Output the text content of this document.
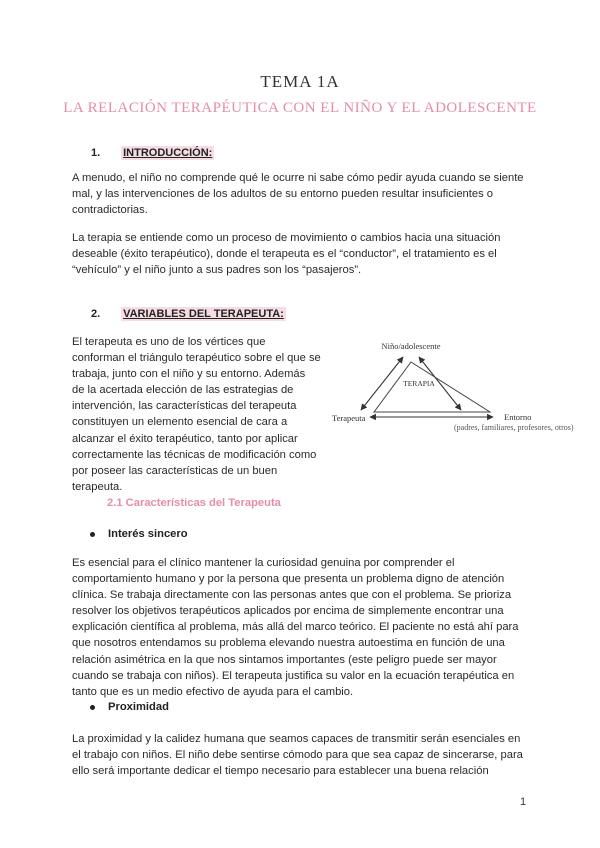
TEMA 1A
LA RELACIÓN TERAPÉUTICA CON EL NIÑO Y EL ADOLESCENTE
1. INTRODUCCIÓN:
A menudo, el niño no comprende qué le ocurre ni sabe cómo pedir ayuda cuando se siente
mal, y las intervenciones de los adultos de su entorno pueden resultar insuficientes o
contradictorias.
La terapia se entiende como un proceso de movimiento o cambios hacia una situación
deseable (éxito terapéutico), donde el terapeuta es el “conductor”, el tratamiento es el
“vehículo” y el niño junto a sus padres son los “pasajeros”.
2. VARIABLES DEL TERAPEUTA:
El terapeuta es uno de los vértices que
conforman el triángulo terapéutico sobre el que se
trabaja, junto con el niño y su entorno. Además
de la acertada elección de las estrategias de
intervención, las características del terapeuta
constituyen un elemento esencial de cara a
alcanzar el éxito terapéutico, tanto por aplicar
correctamente las técnicas de modificación como
por poseer las características de un buen
terapeuta.
Niño/adolescente
TERAPIA
Terapeuta	Entorno
(padres, familiares, profesores, otros)
2.1 Características del Terapeuta
Interés sincero
Es esencial para el clínico mantener la curiosidad genuina por comprender el
comportamiento humano y por la persona que presenta un problema digno de atención
clínica. Se trabaja directamente con las personas antes que con el problema. Se prioriza
resolver los objetivos terapéuticos aplicados por encima de simplemente encontrar una
explicación científica al problema, más allá del marco teórico. El paciente no está ahí para
que nosotros entendamos su problema elevando nuestra autoestima en función de una
relación asimétrica en la que nos sintamos importantes (este peligro puede ser mayor
cuando se trabaja con niños). El terapeuta justifica su valor en la ecuación terapéutica en
tanto que es un medio efectivo de ayuda para el cambio.
Proximidad
La proximidad y la calidez humana que seamos capaces de transmitir serán esenciales en
el trabajo con niños. El niño debe sentirse cómodo para que sea capaz de sincerarse, para
ello será importante dedicar el tiempo necesario para establecer una buena relación
1
